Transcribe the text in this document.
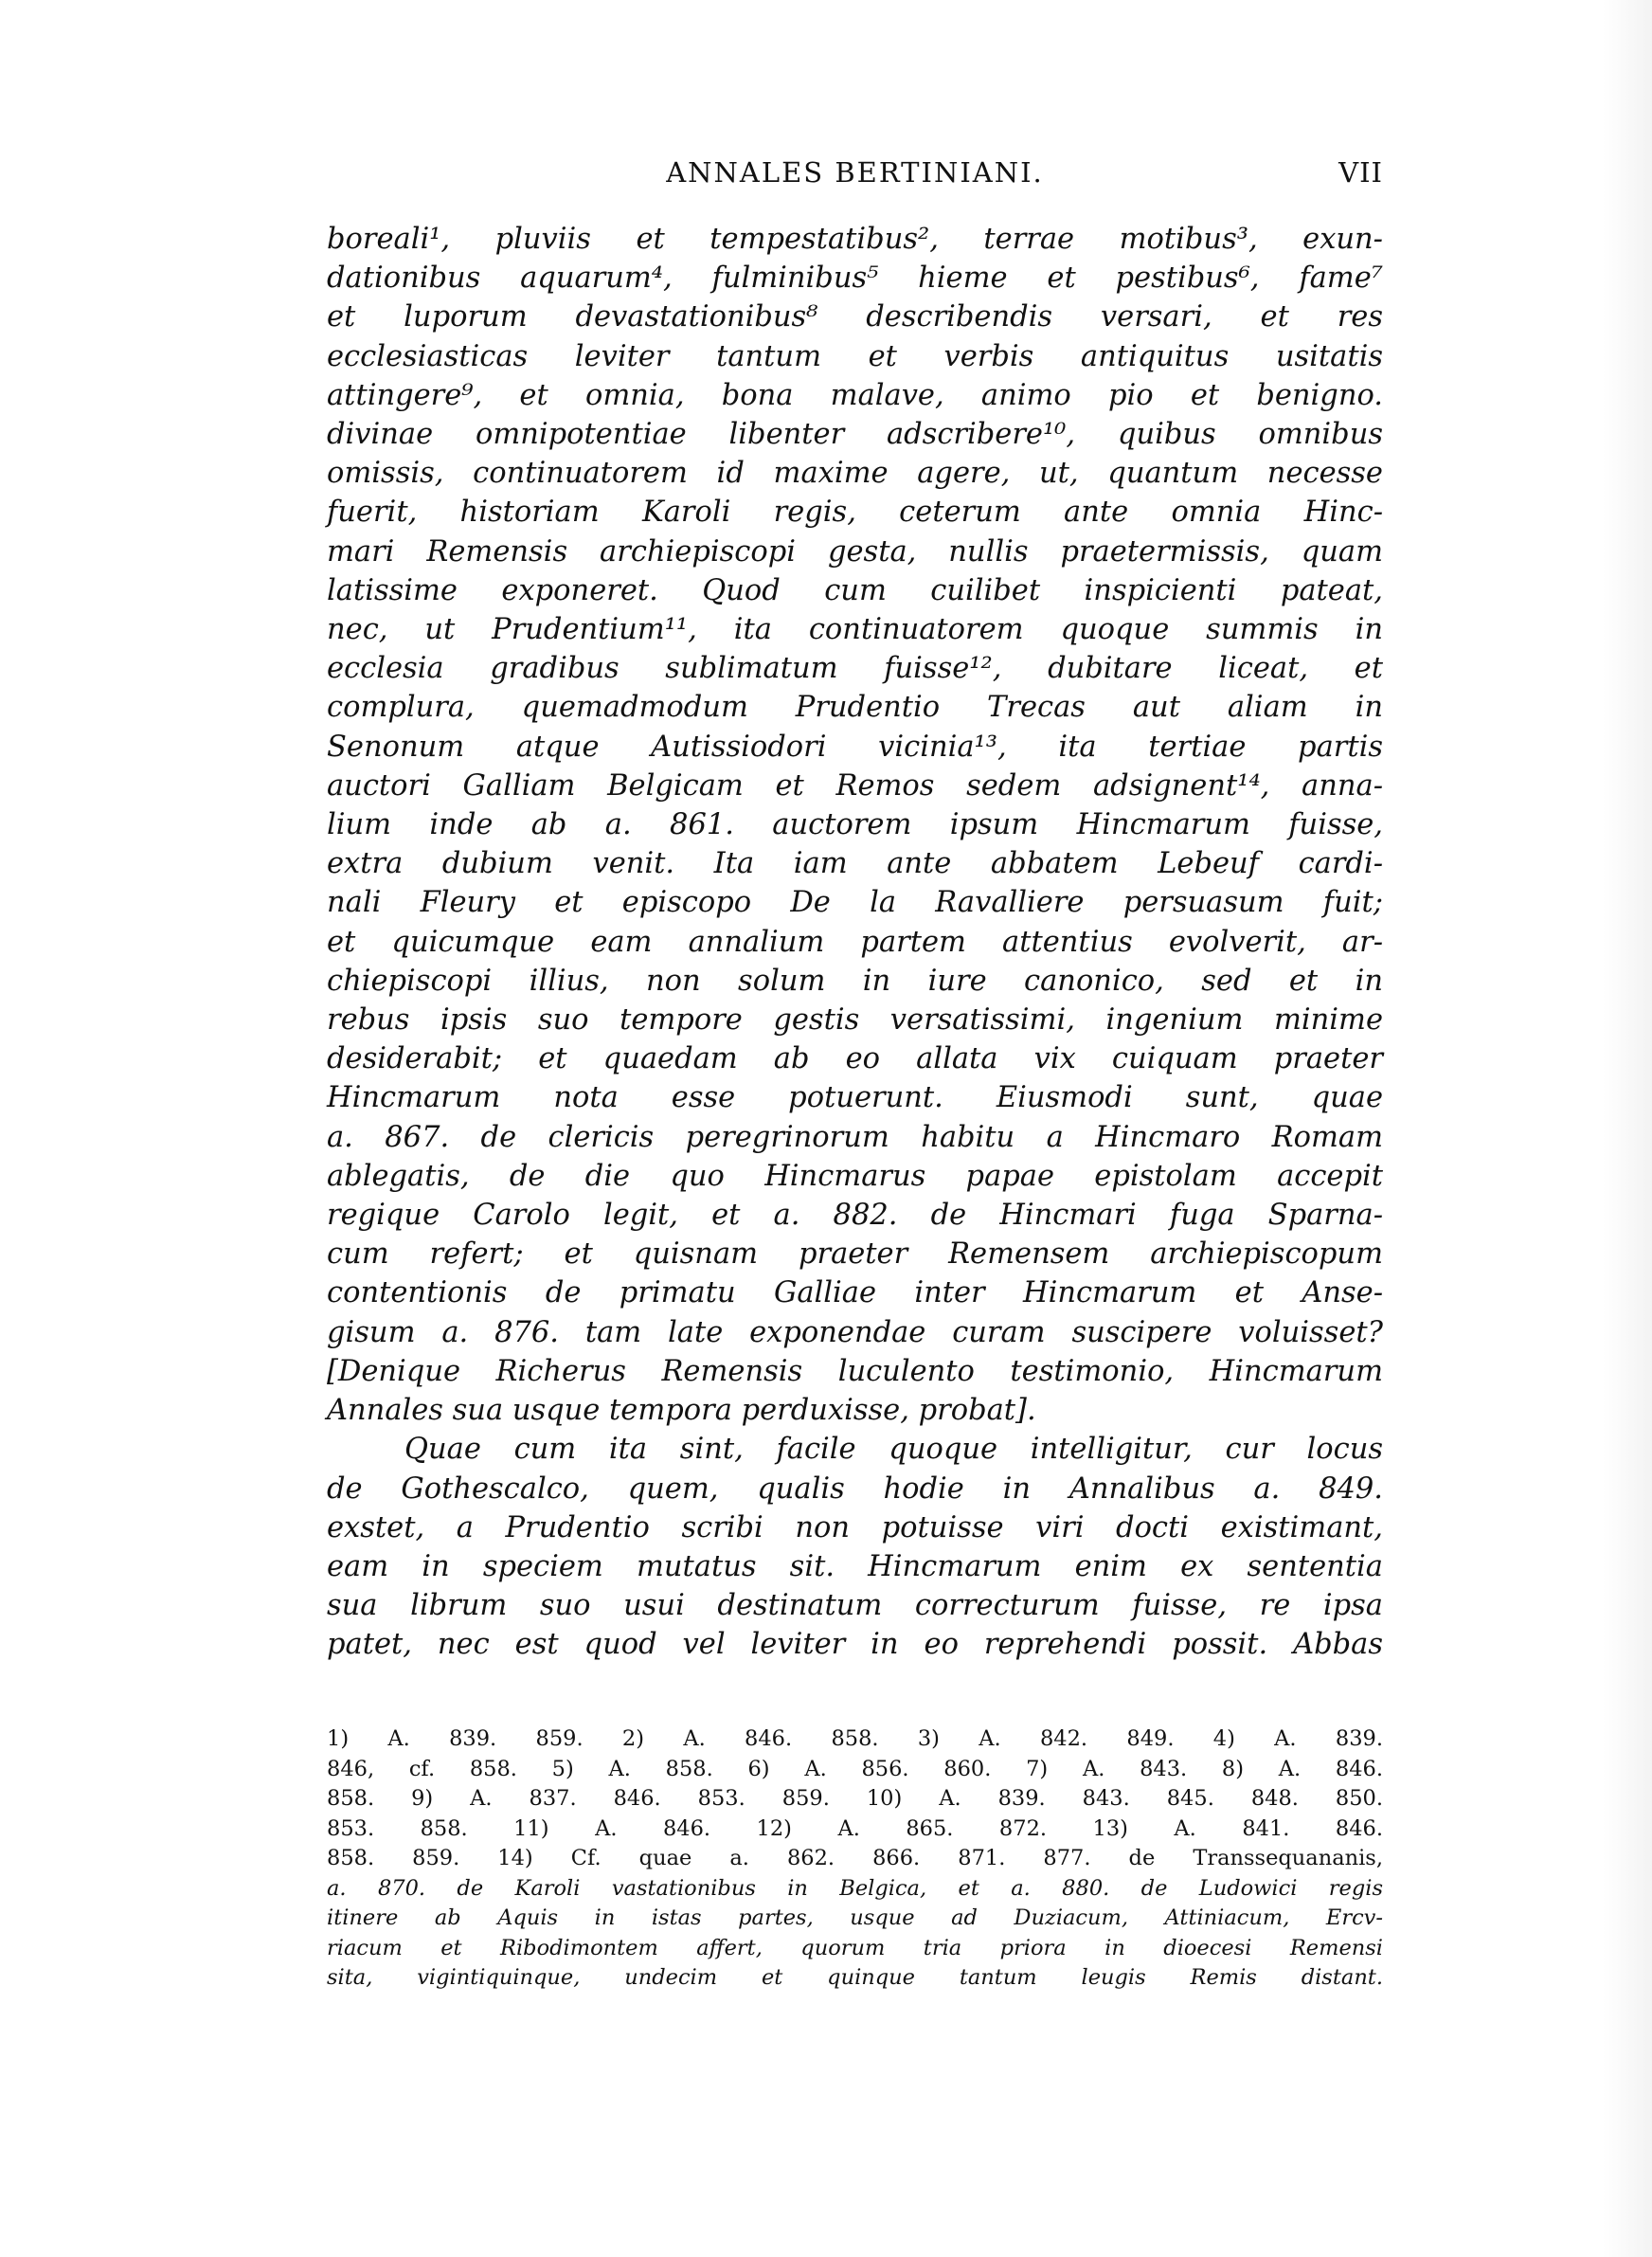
ANNALES BERTINIANI.	VII
boreali¹, pluviis et tempestatibus², terrae motibus³, exun-
dationibus aquarum⁴, fulminibus⁵ hieme et pestibus⁶, fame⁷
et luporum devastationibus⁸ describendis versari, et res
ecclesiasticas leviter tantum et verbis antiquitus usitatis
attingere⁹, et omnia, bona malave, animo pio et benigno.
divinae omnipotentiae libenter adscribere¹⁰, quibus omnibus
omissis, continuatorem id maxime agere, ut, quantum necesse
fuerit, historiam Karoli regis, ceterum ante omnia Hinc-
mari Remensis archiepiscopi gesta, nullis praetermissis, quam
latissime exponeret. Quod cum cuilibet inspicienti pateat,
nec, ut Prudentium¹¹, ita continuatorem quoque summis in
ecclesia gradibus sublimatum fuisse¹², dubitare liceat, et
complura, quemadmodum Prudentio Trecas aut aliam in
Senonum atque Autissiodori vicinia¹³, ita tertiae partis
auctori Galliam Belgicam et Remos sedem adsignent¹⁴, anna-
lium inde ab a. 861. auctorem ipsum Hincmarum fuisse,
extra dubium venit. Ita iam ante abbatem Lebeuf cardi-
nali Fleury et episcopo De la Ravalliere persuasum fuit;
et quicumque eam annalium partem attentius evolverit, ar-
chiepiscopi illius, non solum in iure canonico, sed et in
rebus ipsis suo tempore gestis versatissimi, ingenium minime
desiderabit; et quaedam ab eo allata vix cuiquam praeter
Hincmarum nota esse potuerunt. Eiusmodi sunt, quae
a. 867. de clericis peregrinorum habitu a Hincmaro Romam
ablegatis, de die quo Hincmarus papae epistolam accepit
regique Carolo legit, et a. 882. de Hincmari fuga Sparna-
cum refert; et quisnam praeter Remensem archiepiscopum
contentionis de primatu Galliae inter Hincmarum et Anse-
gisum a. 876. tam late exponendae curam suscipere voluisset?
[Denique Richerus Remensis luculento testimonio, Hincmarum
Annales sua usque tempora perduxisse, probat].
Quae cum ita sint, facile quoque intelligitur, cur locus
de Gothescalco, quem, qualis hodie in Annalibus a. 849.
exstet, a Prudentio scribi non potuisse viri docti existimant,
eam in speciem mutatus sit. Hincmarum enim ex sententia
sua librum suo usui destinatum correcturum fuisse, re ipsa
patet, nec est quod vel leviter in eo reprehendi possit. Abbas
1) A. 839. 859. 2) A. 846. 858. 3) A. 842. 849. 4) A. 839.
846, cf. 858. 5) A. 858. 6) A. 856. 860. 7) A. 843. 8) A. 846.
858. 9) A. 837. 846. 853. 859. 10) A. 839. 843. 845. 848. 850.
853. 858. 11) A. 846. 12) A. 865. 872. 13) A. 841. 846.
858. 859. 14) Cf. quae a. 862. 866. 871. 877. de Transsequananis,
a. 870. de Karoli vastationibus in Belgica, et a. 880. de Ludowici regis
itinere ab Aquis in istas partes, usque ad Duziacum, Attiniacum, Ercv-
riacum et Ribodimontem affert, quorum tria priora in dioecesi Remensi
sita, vigintiquinque, undecim et quinque tantum leugis Remis distant.
